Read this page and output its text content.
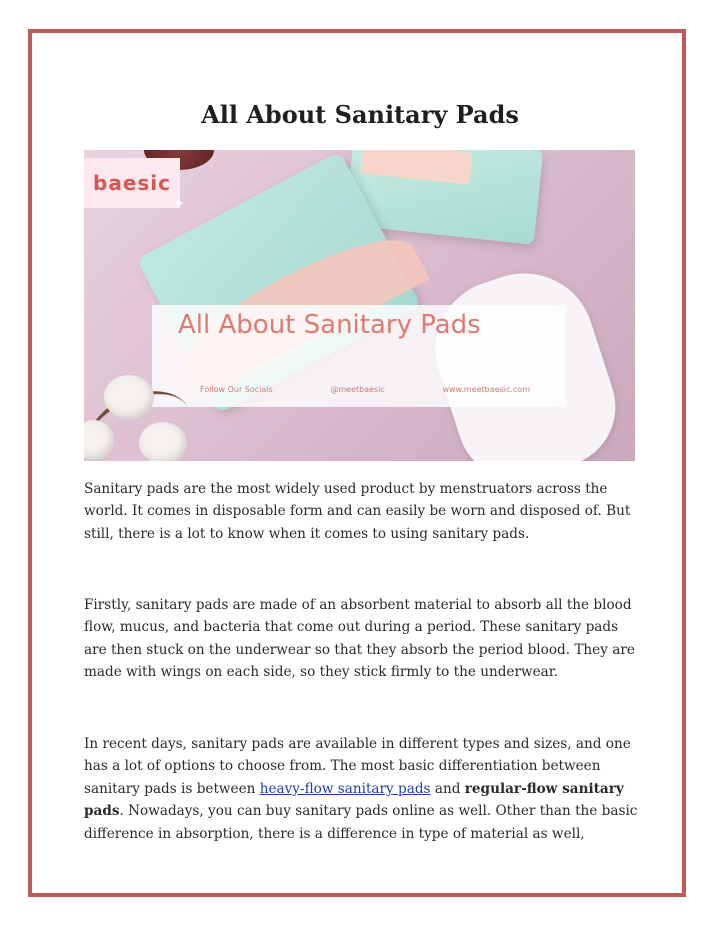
All About Sanitary Pads
baesic
✦
All About Sanitary Pads
Follow Our Socials	@meetbaesic	www.meetbaesic.com

Sanitary pads are the most widely used product by menstruators across the world. It comes in disposable form and can easily be worn and disposed of. But still, there is a lot to know when it comes to using sanitary pads.

Firstly, sanitary pads are made of an absorbent material to absorb all the blood flow, mucus, and bacteria that come out during a period. These sanitary pads are then stuck on the underwear so that they absorb the period blood. They are made with wings on each side, so they stick firmly to the underwear.

In recent days, sanitary pads are available in different types and sizes, and one has a lot of options to choose from. The most basic differentiation between sanitary pads is between heavy-flow sanitary pads and regular-flow sanitary pads. Nowadays, you can buy sanitary pads online as well. Other than the basic difference in absorption, there is a difference in type of material as well,
